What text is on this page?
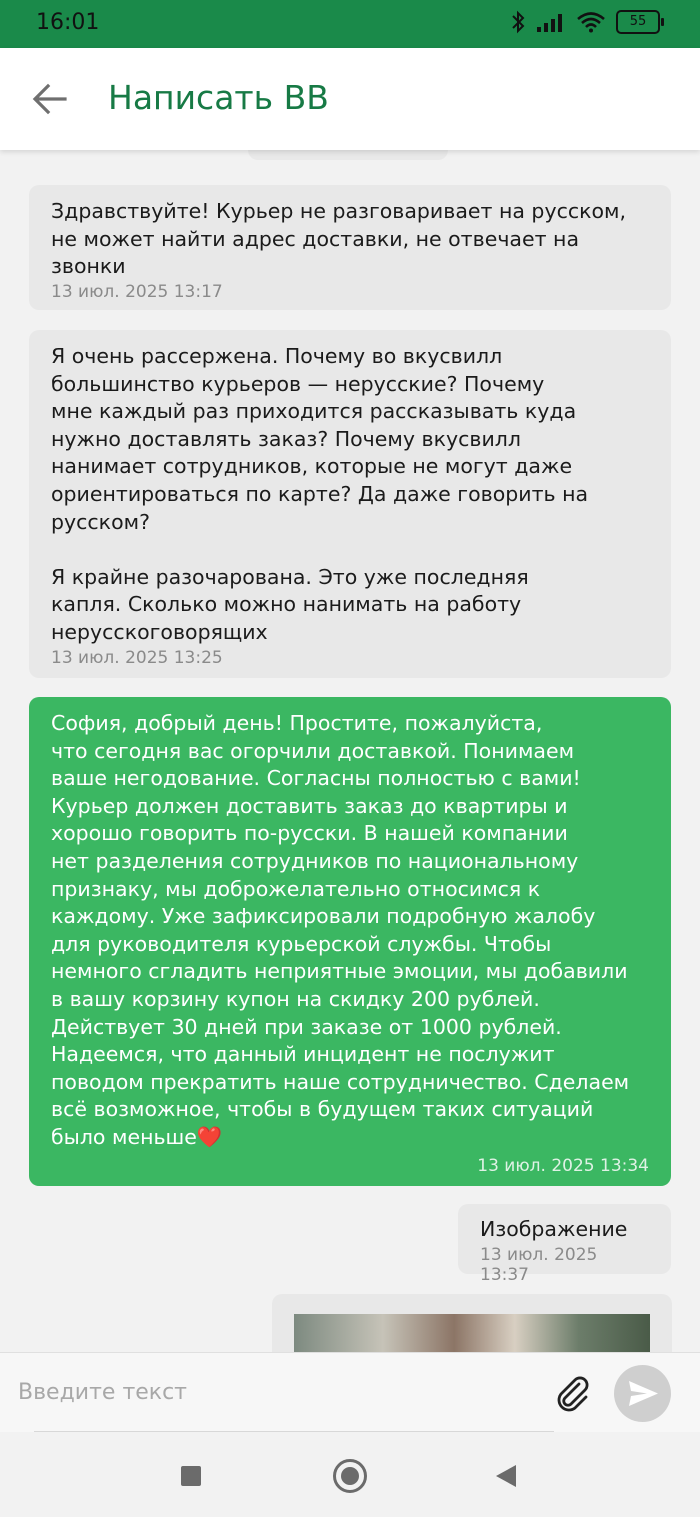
16:01	55
Написать ВВ

Здравствуйте! Курьер не разговаривает на русском,
не может найти адрес доставки, не отвечает на
звонки

13 июл. 2025 13:17

Я очень рассержена. Почему во вкусвилл
большинство курьеров — нерусские? Почему
мне каждый раз приходится рассказывать куда
нужно доставлять заказ? Почему вкусвилл
нанимает сотрудников, которые не могут даже
ориентироваться по карте? Да даже говорить на
русском?

Я крайне разочарована. Это уже последняя
капля. Сколько можно нанимать на работу
нерусскоговорящих

13 июл. 2025 13:25

София, добрый день! Простите, пожалуйста,
что сегодня вас огорчили доставкой. Понимаем
ваше негодование. Согласны полностью с вами!
Курьер должен доставить заказ до квартиры и
хорошо говорить по-русски. В нашей компании
нет разделения сотрудников по национальному
признаку, мы доброжелательно относимся к
каждому. Уже зафиксировали подробную жалобу
для руководителя курьерской службы. Чтобы
немного сгладить неприятные эмоции, мы добавили
в вашу корзину купон на скидку 200 рублей.
Действует 30 дней при заказе от 1000 рублей.
Надеемся, что данный инцидент не послужит
поводом прекратить наше сотрудничество. Сделаем
всё возможное, чтобы в будущем таких ситуаций
было меньше❤️

13 июл. 2025 13:34

Изображение

13 июл. 2025 13:37
Введите текст
